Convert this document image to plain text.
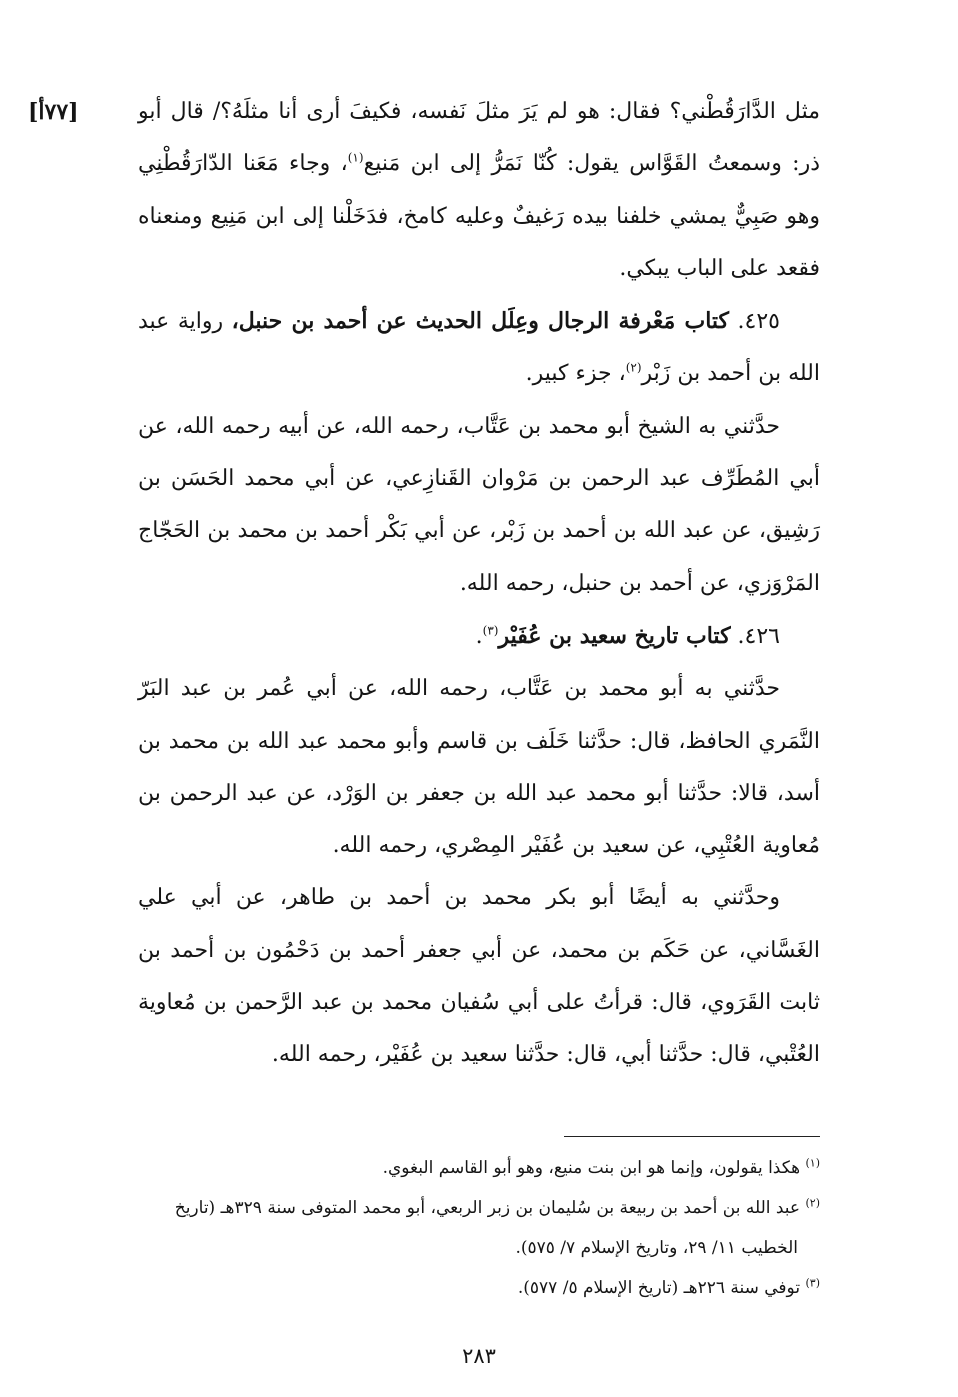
[٧٧أ]	مثل الدَّارَقُطْني؟ فقال: هو لم يَرَ مثلَ نَفسه، فكيفَ أرى أنا مثلَهُ؟/ قال أبو ذر: وسمعتُ القَوَّاس يقول: كُنّا نَمَرُّ إلى ابن مَنيع$^{(١)}$، وجاء مَعَنا الدّارَقُطْنِي وهو صَبِيٌّ يمشي خلفنا بيده رَغيفٌ وعليه كامخ، فدَخَلْنا إلى ابن مَنِيع ومنعناه فقعد على الباب يبكي.

٤٢٥. كتاب مَعْرفة الرجال وعِلَل الحديث عن أحمد بن حنبل، رواية عبد الله بن أحمد بن زَبْر$^{(٢)}$، جزء كبير.

حدَّثني به الشيخ أبو محمد بن عَتَّاب، رحمه الله، عن أبيه رحمه الله، عن أبي المُطَرِّف عبد الرحمن بن مَرْوان القَنازِعي، عن أبي محمد الحَسَن بن رَشِيق، عن عبد الله بن أحمد بن زَبْر، عن أبي بَكْر أحمد بن محمد بن الحَجّاج المَرْوَزي، عن أحمد بن حنبل، رحمه الله.

٤٢٦. كتاب تاريخ سعيد بن عُفَيْر$^{(٣)}$.

حدَّثني به أبو محمد بن عَتَّاب، رحمه الله، عن أبي عُمر بن عبد البَرّ النَّمَري الحافظ، قال: حدَّثنا خَلَف بن قاسم وأبو محمد عبد الله بن محمد بن أسد، قالا: حدَّثنا أبو محمد عبد الله بن جعفر بن الوَرْد، عن عبد الرحمن بن مُعاوية العُتْبِي، عن سعيد بن عُفَيْر المِصْري، رحمه الله.

وحدَّثني به أيضًا أبو بكر محمد بن أحمد بن طاهر، عن أبي علي الغَسَّاني، عن حَكَم بن محمد، عن أبي جعفر أحمد بن دَحْمُون بن أحمد بن ثابت القَرَوي، قال: قرأتُ على أبي سُفيان محمد بن عبد الرَّحمن بن مُعاوية العُتْبي، قال: حدَّثنا أبي، قال: حدَّثنا سعيد بن عُفَيْر، رحمه الله.

$^{(١)}$ هكذا يقولون، وإنما هو ابن بنت منيع، وهو أبو القاسم البغوي.

$^{(٢)}$ عبد الله بن أحمد بن ربيعة بن سُليمان بن زبر الربعي، أبو محمد المتوفى سنة ٣٢٩هـ (تاريخ

الخطيب ١١/ ٢٩، وتاريخ الإسلام ٧/ ٥٧٥).

$^{(٣)}$ توفي سنة ٢٢٦هـ (تاريخ الإسلام ٥/ ٥٧٧).

٢٨٣
